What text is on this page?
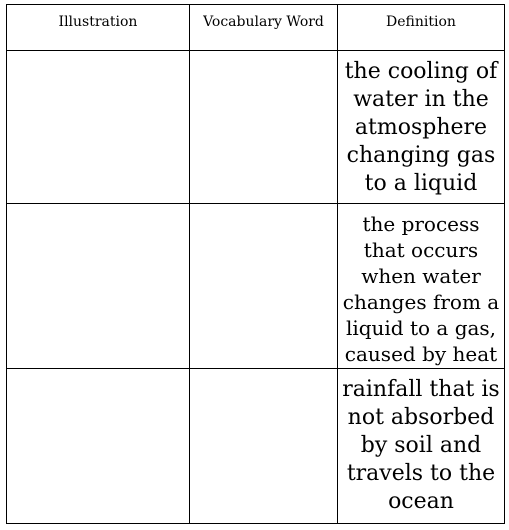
Illustration	Vocabulary Word	Definition

		the cooling of water in the atmosphere changing gas to a liquid

		the process that occurs when water changes from a liquid to a gas, caused by heat

		rainfall that is not absorbed by soil and travels to the ocean
